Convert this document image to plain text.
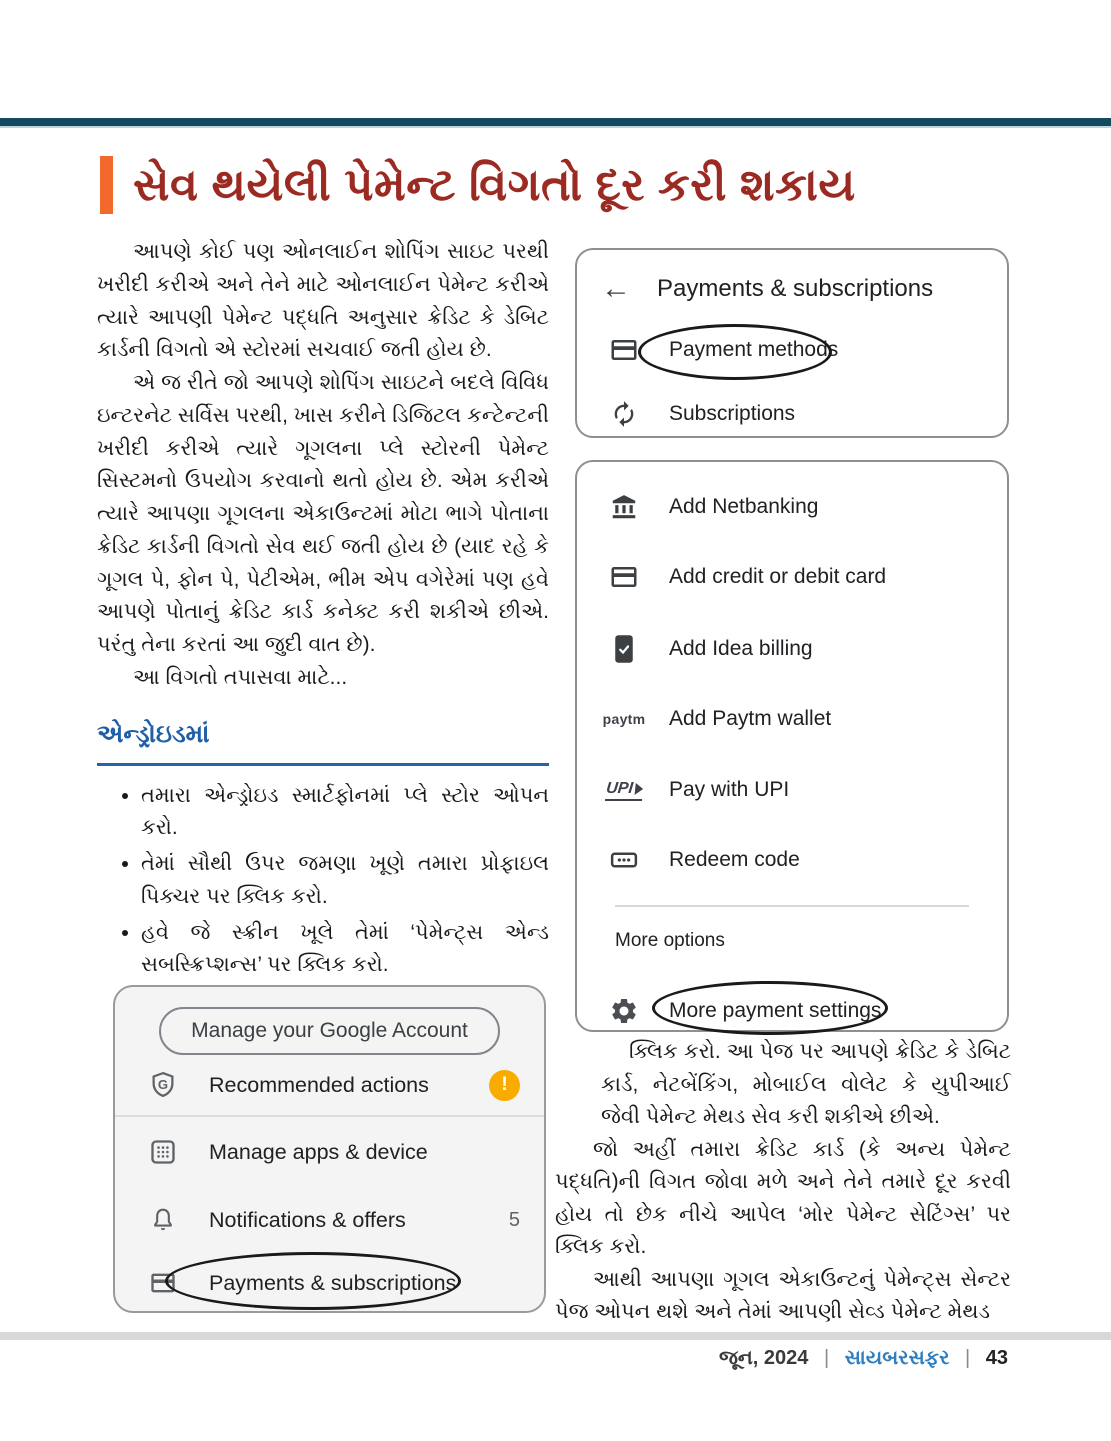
સેવ થયેલી પેમેન્ટ વિગતો દૂર કરી શકાય

આપણે કોઈ પણ ઓનલાઈન શોપિંગ સાઇટ પરથી ખરીદી કરીએ અને તેને માટે ઓનલાઈન પેમેન્ટ કરીએ ત્યારે આપણી પેમેન્ટ પદ્ધતિ અનુસાર ક્રેડિટ કે ડેબિટ કાર્ડની વિગતો એ સ્ટોરમાં સચવાઈ જતી હોય છે.

એ જ રીતે જો આપણે શોપિંગ સાઇટને બદલે વિવિધ ઇન્ટરનેટ સર્વિસ પરથી, ખાસ કરીને ડિજિટલ કન્ટેન્ટની ખરીદી કરીએ ત્યારે ગૂગલના પ્લે સ્ટોરની પેમેન્ટ સિસ્ટમનો ઉપયોગ કરવાનો થતો હોય છે. એમ કરીએ ત્યારે આપણા ગૂગલના એકાઉન્ટમાં મોટા ભાગે પોતાના ક્રેડિટ કાર્ડની વિગતો સેવ થઈ જતી હોય છે (યાદ રહે કે ગૂગલ પે, ફોન પે, પેટીએમ, ભીમ એપ વગેરેમાં પણ હવે આપણે પોતાનું ક્રેડિટ કાર્ડ કનેક્ટ કરી શકીએ છીએ. પરંતુ તેના કરતાં આ જુદી વાત છે).

આ વિગતો તપાસવા માટે...

એન્ડ્રોઇડમાં
• તમારા એન્ડ્રોઇડ સ્માર્ટફોનમાં પ્લે સ્ટોર ઓપન કરો.
• તેમાં સૌથી ઉપર જમણા ખૂણે તમારા પ્રોફાઇલ પિક્ચર પર ક્લિક કરો.
• હવે જે સ્ક્રીન ખૂલે તેમાં ‘પેમેન્ટ્સ એન્ડ સબસ્ક્રિપ્શન્સ’ પર ક્લિક કરો.
•
←	Payments & subscriptions
Payment methods
Subscriptions
Add Netbanking
Add credit or debit card
Add Idea billing
paytm Add Paytm wallet
UPI Pay with UPI
Redeem code
More options
More payment settings
Manage your Google Account
G Recommended actions	!
Manage apps & device
Notifications & offers	5
Payments & subscriptions

ક્લિક કરો. આ પેજ પર આપણે ક્રેડિટ કે ડેબિટ કાર્ડ, નેટબેંકિંગ, મોબાઈલ વોલેટ કે યુપીઆઈ જેવી પેમેન્ટ મેથડ સેવ કરી શકીએ છીએ.

જો અહીં તમારા ક્રેડિટ કાર્ડ (કે અન્ય પેમેન્ટ પદ્ધતિ)ની વિગત જોવા મળે અને તેને તમારે દૂર કરવી હોય તો છેક નીચે આપેલ ‘મોર પેમેન્ટ સેટિંગ્સ’ પર ક્લિક કરો.

આથી આપણા ગૂગલ એકાઉન્ટનું પેમેન્ટ્સ સેન્ટર પેજ ઓપન થશે અને તેમાં આપણી સેવ્ડ પેમેન્ટ મેથડ

જૂન, 2024 | સાયબરસફર | 43
